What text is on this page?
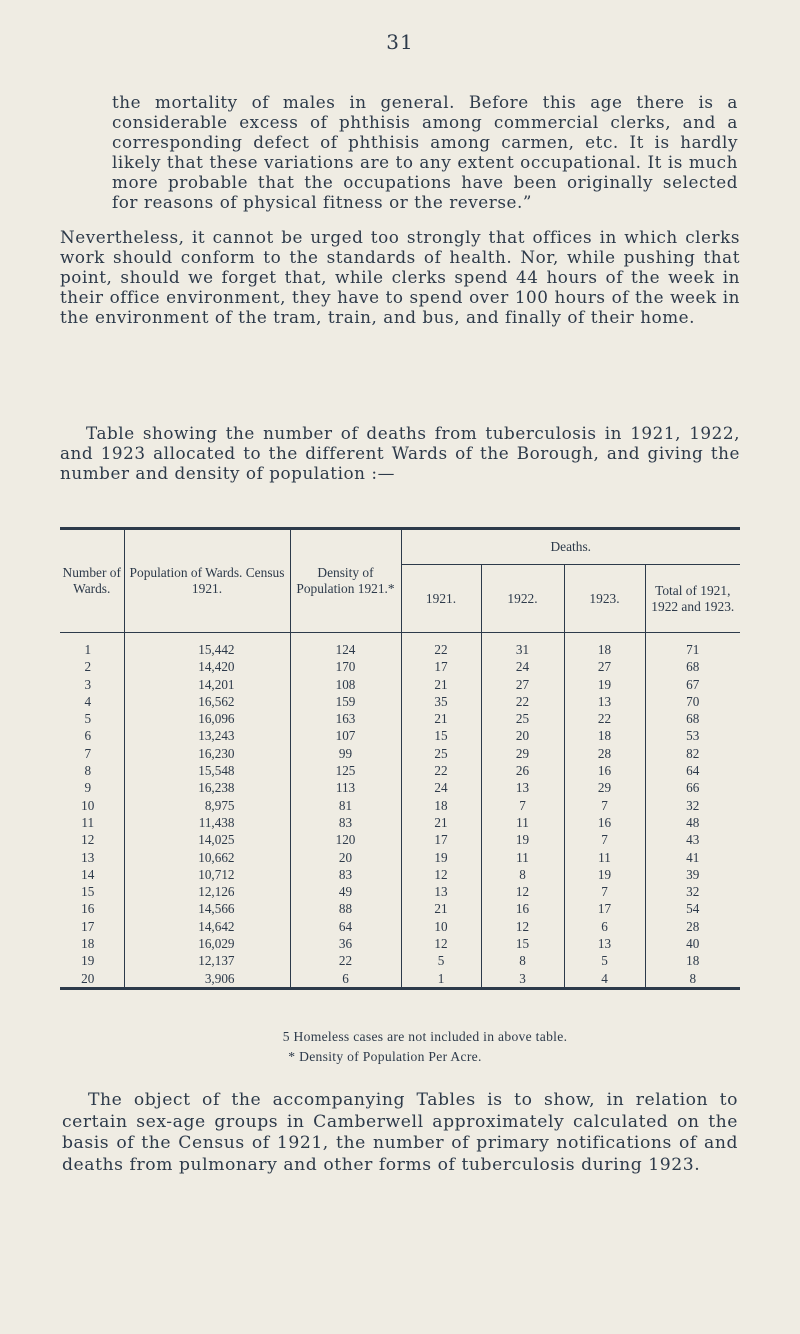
31

the mortality of males in general. Before this age there is a considerable excess of phthisis among commercial clerks, and a corresponding defect of phthisis among carmen, etc. It is hardly likely that these variations are to any extent occupational. It is much more probable that the occupations have been originally selected for reasons of physical fitness or the reverse.”

Nevertheless, it cannot be urged too strongly that offices in which clerks work should conform to the standards of health. Nor, while pushing that point, should we forget that, while clerks spend 44 hours of the week in their office environment, they have to spend over 100 hours of the week in the environment of the tram, train, and bus, and finally of their home.

Table showing the number of deaths from tuberculosis in 1921, 1922, and 1923 allocated to the different Wards of the Borough, and giving the number and density of population :—

Number of Wards.	Population of Wards. Census 1921.	Density of Population 1921.*	Deaths.			
			1921.	1922.	1923.	Total of 1921, 1922 and 1923.
1	15,442	124	22	31	18	71
2	14,420	170	17	24	27	68
3	14,201	108	21	27	19	67
4	16,562	159	35	22	13	70
5	16,096	163	21	25	22	68
6	13,243	107	15	20	18	53
7	16,230	99	25	29	28	82
8	15,548	125	22	26	16	64
9	16,238	113	24	13	29	66
10	8,975	81	18	7	7	32
11	11,438	83	21	11	16	48
12	14,025	120	17	19	7	43
13	10,662	20	19	11	11	41
14	10,712	83	12	8	19	39
15	12,126	49	13	12	7	32
16	14,566	88	21	16	17	54
17	14,642	64	10	12	6	28
18	16,029	36	12	15	13	40
19	12,137	22	5	8	5	18
20	3,906	6	1	3	4	8

5 Homeless cases are not included in above table.

* Density of Population Per Acre.

The object of the accompanying Tables is to show, in relation to certain sex-age groups in Camberwell approximately calculated on the basis of the Census of 1921, the number of primary notifications of and deaths from pulmonary and other forms of tuberculosis during 1923.
